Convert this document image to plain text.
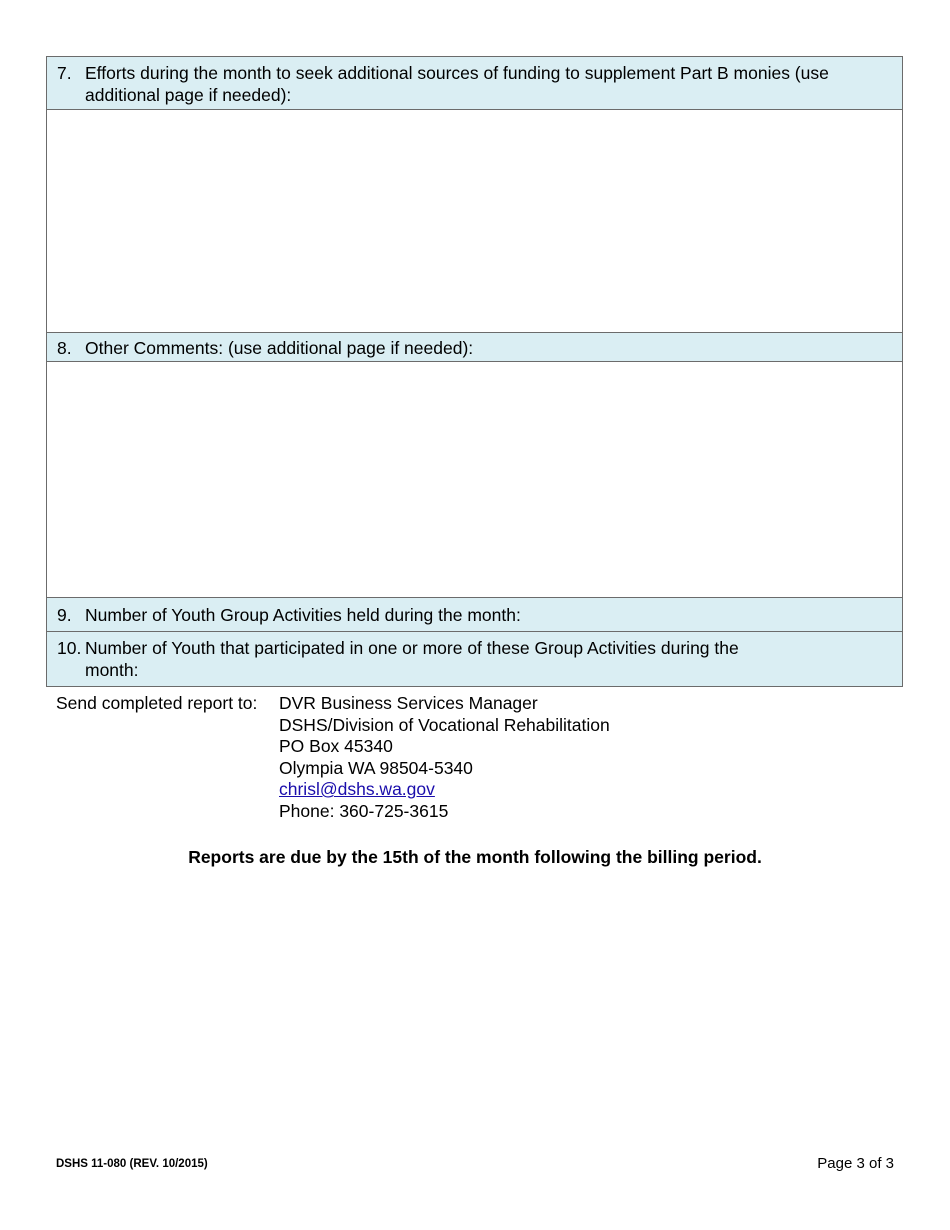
7. Efforts during the month to seek additional sources of funding to supplement Part B monies (use additional page if needed):

8. Other Comments: (use additional page if needed):

9. Number of Youth Group Activities held during the month:

10. Number of Youth that participated in one or more of these Group Activities during the month:
Send completed report to: DVR Business Services Manager
DSHS/Division of Vocational Rehabilitation
PO Box 45340
Olympia WA 98504-5340
chrisl@dshs.wa.gov
Phone: 360-725-3615
Reports are due by the 15th of the month following the billing period.
DSHS 11-080 (REV. 10/2015)	Page 3 of 3
